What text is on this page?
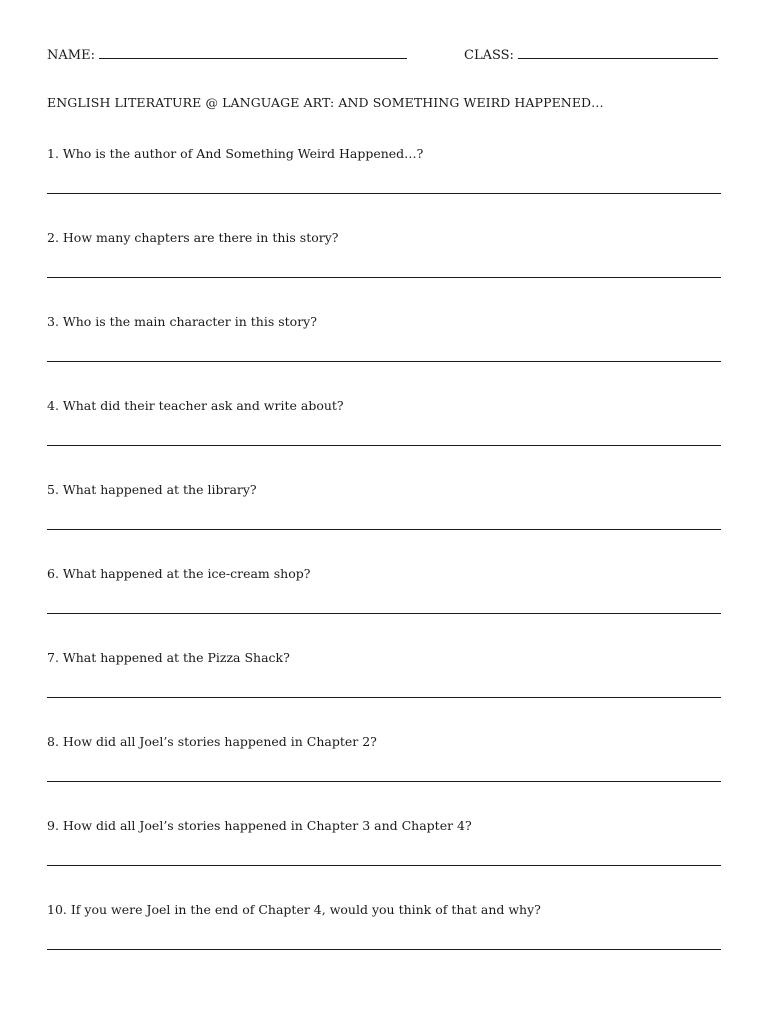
NAME:	CLASS:
ENGLISH LITERATURE @ LANGUAGE ART: AND SOMETHING WEIRD HAPPENED…
1. Who is the author of And Something Weird Happened…?
2. How many chapters are there in this story?
3. Who is the main character in this story?
4. What did their teacher ask and write about?
5. What happened at the library?
6. What happened at the ice-cream shop?
7. What happened at the Pizza Shack?
8. How did all Joel’s stories happened in Chapter 2?
9. How did all Joel’s stories happened in Chapter 3 and Chapter 4?
10. If you were Joel in the end of Chapter 4, would you think of that and why?
